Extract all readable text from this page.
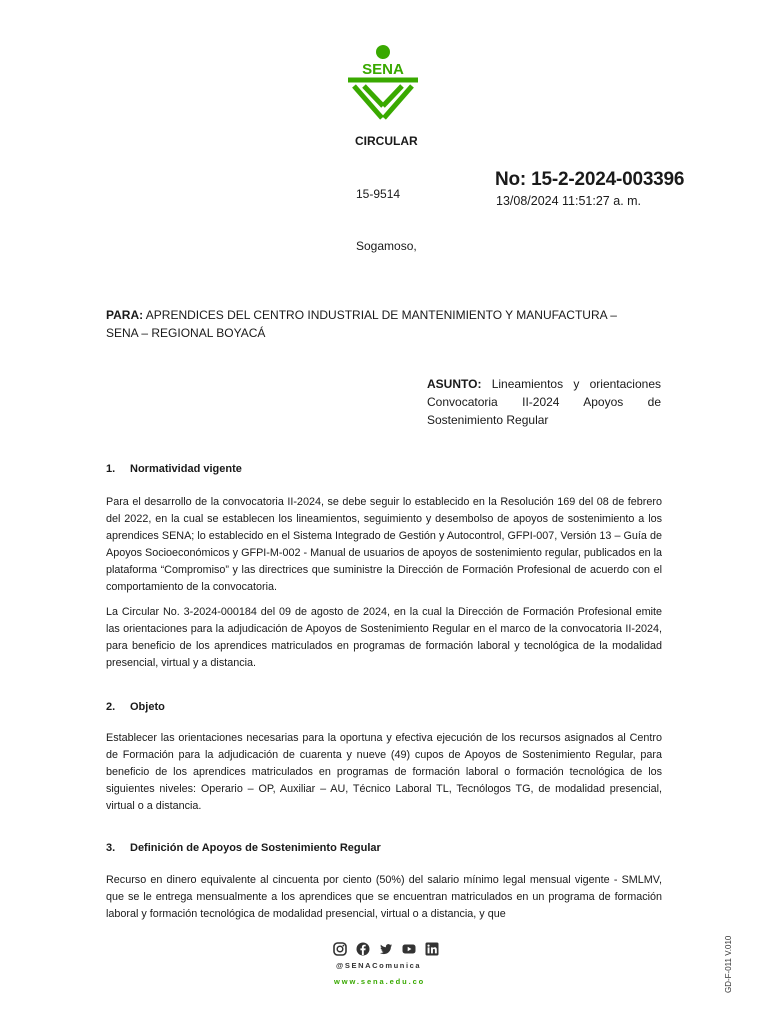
SENA
CIRCULAR
15-9514
No: 15-2-2024-003396
13/08/2024 11:51:27 a. m.
Sogamoso,
PARA: APRENDICES DEL CENTRO INDUSTRIAL DE MANTENIMIENTO Y MANUFACTURA –
SENA – REGIONAL BOYACÁ
ASUNTO: Lineamientos y orientaciones Convocatoria II-2024 Apoyos de Sostenimiento Regular
1. Normatividad vigente
Para el desarrollo de la convocatoria II-2024, se debe seguir lo establecido en la Resolución 169 del 08 de febrero del 2022, en la cual se establecen los lineamientos, seguimiento y desembolso de apoyos de sostenimiento a los aprendices SENA; lo establecido en el Sistema Integrado de Gestión y Autocontrol, GFPI-007, Versión 13 – Guía de Apoyos Socioeconómicos y GFPI-M-002 - Manual de usuarios de apoyos de sostenimiento regular, publicados en la plataforma “Compromiso” y las directrices que suministre la Dirección de Formación Profesional de acuerdo con el comportamiento de la convocatoria.
La Circular No. 3-2024-000184 del 09 de agosto de 2024, en la cual la Dirección de Formación Profesional emite las orientaciones para la adjudicación de Apoyos de Sostenimiento Regular en el marco de la convocatoria II-2024, para beneficio de los aprendices matriculados en programas de formación laboral y tecnológica de la modalidad presencial, virtual y a distancia.
2. Objeto
Establecer las orientaciones necesarias para la oportuna y efectiva ejecución de los recursos asignados al Centro de Formación para la adjudicación de cuarenta y nueve (49) cupos de Apoyos de Sostenimiento Regular, para beneficio de los aprendices matriculados en programas de formación laboral o formación tecnológica de los siguientes niveles: Operario – OP, Auxiliar – AU, Técnico Laboral TL, Tecnólogos TG, de modalidad presencial, virtual o a distancia.
3. Definición de Apoyos de Sostenimiento Regular
Recurso en dinero equivalente al cincuenta por ciento (50%) del salario mínimo legal mensual vigente - SMLMV, que se le entrega mensualmente a los aprendices que se encuentran matriculados en un programa de formación laboral y formación tecnológica de modalidad presencial, virtual o a distancia, y que
@SENAComunica
www.sena.edu.co	GD-F-011 V.010
